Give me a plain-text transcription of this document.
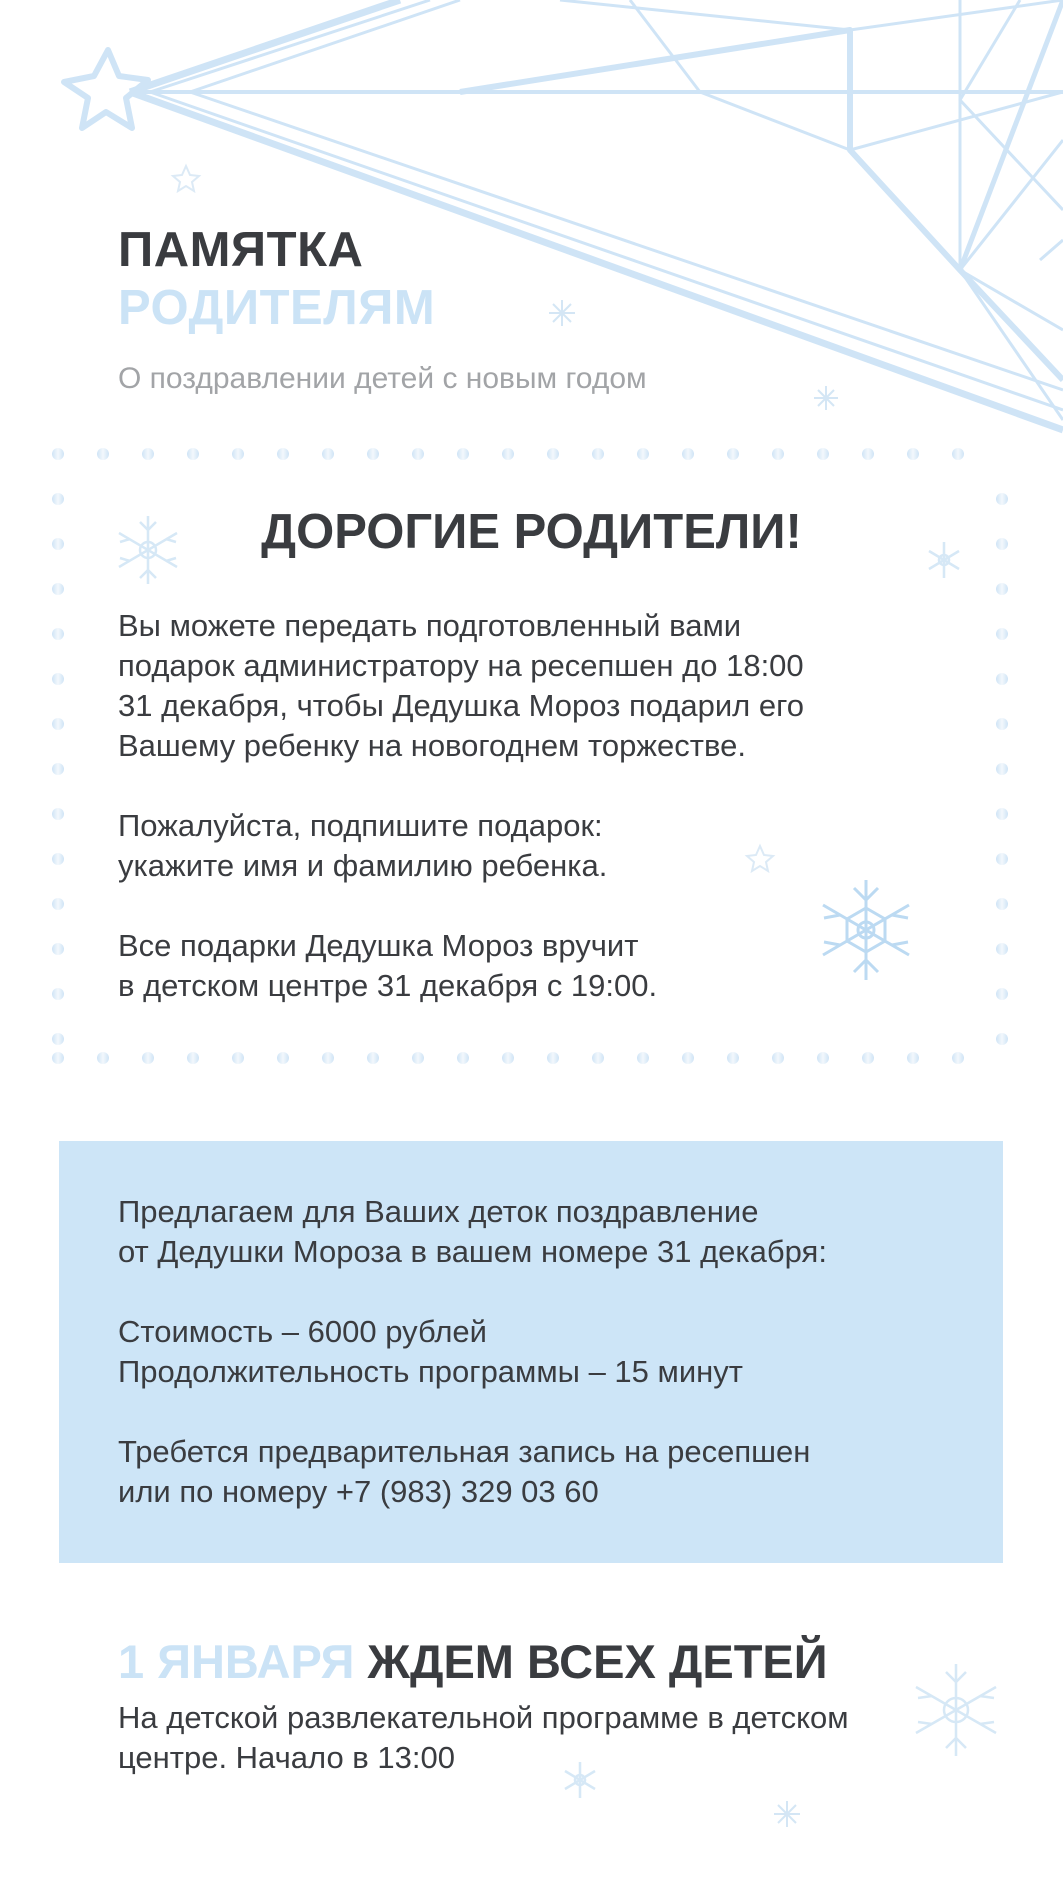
ПАМЯТКА
РОДИТЕЛЯМ
О поздравлении детей с новым годом
ДОРОГИЕ РОДИТЕЛИ!
Вы можете передать подготовленный вами
подарок администратору на ресепшен до 18:00
31 декабря, чтобы Дедушка Мороз подарил его
Вашему ребенку на новогоднем торжестве.
Пожалуйста, подпишите подарок:
укажите имя и фамилию ребенка.
Все подарки Дедушка Мороз вручит
в детском центре 31 декабря с 19:00.
Предлагаем для Ваших деток поздравление
от Дедушки Мороза в вашем номере 31 декабря:
Стоимость – 6000 рублей
Продолжительность программы – 15 минут
Требется предварительная запись на ресепшен
или по номеру +7 (983) 329 03 60
1 ЯНВАРЯ ЖДЕМ ВСЕХ ДЕТЕЙ
На детской развлекательной программе в детском
центре. Начало в 13:00
